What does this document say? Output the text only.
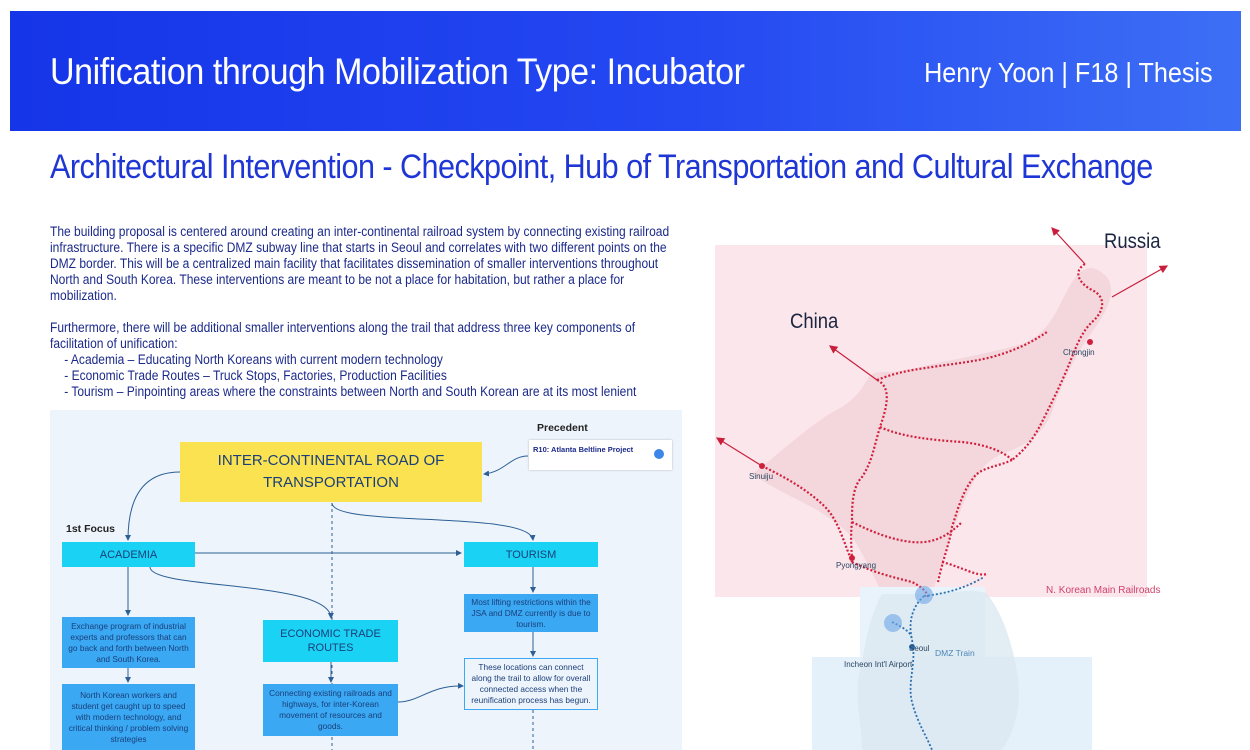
Unification through Mobilization Type: Incubator	Henry Yoon | F18 | Thesis
Architectural Intervention - Checkpoint, Hub of Transportation and Cultural Exchange

The building proposal is centered around creating an inter-continental railroad system by connecting existing railroad infrastructure. There is a specific DMZ subway line that starts in Seoul and correlates with two different points on the DMZ border. This will be a centralized main facility that facilitates dissemination of smaller interventions throughout North and South Korea. These interventions are meant to be not a place for habitation, but rather a place for mobilization.

Furthermore, there will be additional smaller interventions along the trail that address three key components of facilitation of unification:

- Academia – Educating North Koreans with current modern technology
- Economic Trade Routes – Truck Stops, Factories, Production Facilities
- Tourism – Pinpointing areas where the constraints between North and South Korean are at its most lenient
Precedent
R10: Atlanta Beltline Project
INTER-CONTINENTAL ROAD OF TRANSPORTATION
1st Focus
ACADEMIA	TOURISM
ECONOMIC TRADE ROUTES
Exchange program of industrial experts and professors that can go back and forth between North and South Korea.
North Korean workers and student get caught up to speed with modern technology, and critical thinking / problem solving strategies
Most lifting restrictions within the JSA and DMZ currently is due to tourism.
These locations can connect along the trail to allow for overall connected access when the reunification process has begun.
Connecting existing railroads and highways, for inter-Korean movement of resources and goods.
Russia
China
Chongjin
Sinuiju
Pyongyang
Seoul
Incheon Int'l Airport
DMZ Train
N. Korean Main Railroads
